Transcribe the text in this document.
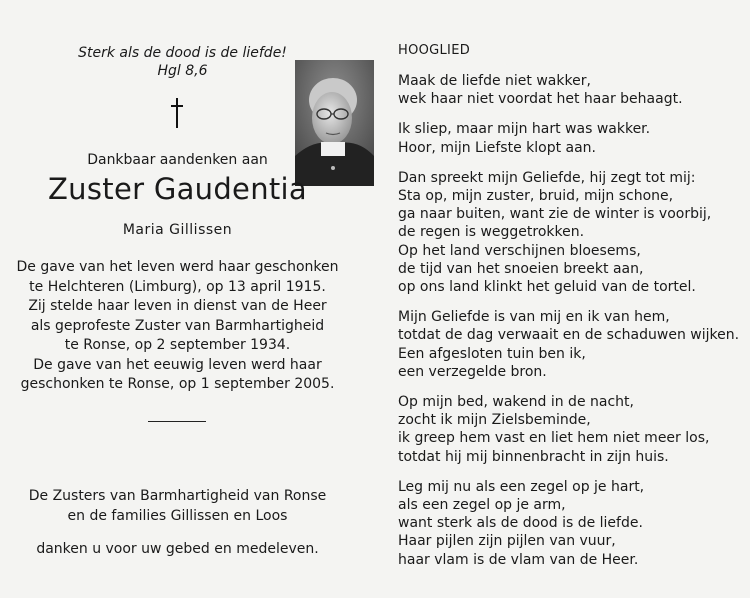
Sterk als de dood is de liefde!
Hgl 8,6
Dankbaar aandenken aan
Zuster Gaudentia
Maria Gillissen
De gave van het leven werd haar geschonken
te Helchteren (Limburg), op 13 april 1915.
Zij stelde haar leven in dienst van de Heer
als geprofeste Zuster van Barmhartigheid
te Ronse, op 2 september 1934.
De gave van het eeuwig leven werd haar
geschonken te Ronse, op 1 september 2005.
De Zusters van Barmhartigheid van Ronse
en de families Gillissen en Loos
danken u voor uw gebed en medeleven.
HOOGLIED
Maak de liefde niet wakker,
wek haar niet voordat het haar behaagt.
Ik sliep, maar mijn hart was wakker.
Hoor, mijn Liefste klopt aan.
Dan spreekt mijn Geliefde, hij zegt tot mij:
Sta op, mijn zuster, bruid, mijn schone,
ga naar buiten, want zie de winter is voorbij,
de regen is weggetrokken.
Op het land verschijnen bloesems,
de tijd van het snoeien breekt aan,
op ons land klinkt het geluid van de tortel.
Mijn Geliefde is van mij en ik van hem,
totdat de dag verwaait en de schaduwen wijken.
Een afgesloten tuin ben ik,
een verzegelde bron.
Op mijn bed, wakend in de nacht,
zocht ik mijn Zielsbeminde,
ik greep hem vast en liet hem niet meer los,
totdat hij mij binnenbracht in zijn huis.
Leg mij nu als een zegel op je hart,
als een zegel op je arm,
want sterk als de dood is de liefde.
Haar pijlen zijn pijlen van vuur,
haar vlam is de vlam van de Heer.
